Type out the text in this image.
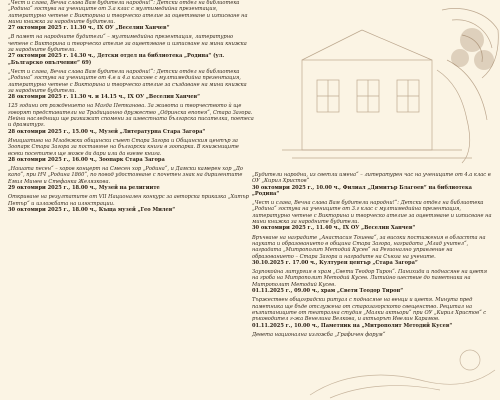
„Чест и слава, Вечна слава Вам будители народни!“: Детски отдел на библиотека „Родина“ гостува на учениците от 3.а клас с мултимедийна презентация, литературно четене с Викторина и творческо ателие за оцветяване и изписване на мини книжка за народните будители.
27 октомври 2025 г. 11.30 ч., IX ОУ „Веселин Ханчев“
„В памет на народните будители“ – мултимедийна презентация, литературно четене с Викторина и творческо ателие за оцветяване и изписване на мини книжка за народните будители.
27 октомври 2025 г. 14.30 ч., Детски отдел на библиотека „Родина“ (ул. „Българско опълчение“ 69)
„Чест и слава, Вечна слава Вам будители народни!“: Детски отдел на библиотека „Родина“ гостува на учениците от 4.в и 4.а класове с мултимедийна презентация, литературно четене с Викторина и творческо ателие за създаване на мини книжка за народните будители.
28 октомври 2025 г. 11.30 ч. и 14.15 ч., IX ОУ „Веселин Ханчев“
125 години от рождението на Магда Петканова. За живота и творчеството ѝ ще говорят представители на Традиционно дружество „Одринска епопея“, Стара Загора. Нейни наследници ще разкажат спомени за известната българска писателка, поетеса и драматург.
28 октомври 2025 г., 15.00 ч., Музей „Литературна Стара Загора“
Инициатива на Младежки общински съвет Стара Загора и Общинския център за Зоопарк Стара Загора за поставяне на български книги в зоопарка. В книжниците всеки посетител ще може да дари или да вземе книга.
28 октомври 2025 г., 16.00 ч., Зоопарк Стара Загора
„Нашата песен“ – хоров концерт на Смесен хор „Родина“, и Дамски камерен хор „До капо“, при НЧ „Родина 1860“, по повод удостояване с почетен знак на диригентите Емил Минев и Стефанка Желязкова.
29 октомври 2025 г., 18.00 ч., Музей на религиите
Откриване на резултатите от VII Национален конкурс за авторска приказка „Хитър Петър“ и изложбата на илюстрации.
30 октомври 2025 г., 18.00 ч., Къща музей „Гео Милев“
„Будители народни, из светли имена“ – литературен час на учениците от 4.а клас в ОУ „Кирил Христов“
30 октомври 2025 г., 10.00 ч., Филиал „Димитър Благоев“ на библиотека „Родина“
„Чест и слава, Вечна слава Вам будители народни!“: Детски отдел на библиотека „Родина“ гостува на учениците от 3.г клас с мултимедийна презентация, литературно четене с Викторина и творческо ателие за оцветяване и изписване на мини книжка за народните будители.
30 октомври 2025 г., 11.40 ч., IX ОУ „Веселин Ханчев“
Връчване на наградите „Анастасия Тошева“, за високи постижения в областта на науката и образованието в община Стара Загора, наградата „Млад учител“, наградата „Митрополит Методий Кусев“ на Регионално управление на образованието – Стара Загора и наградите на Съюза на учените.
30.10.2025 г. 17.00 ч., Културен център „Стара Загора“
Заупокойна литургия в храм „Свети Теодор Тирон“. Панихида и поднасяне на цветя на гроба на Митрополит Методий Кусев. Литийно шествие до паметника на Митрополит Методий Кусев.
01.11.2025 г., 09.00 ч., храм „Свети Теодор Тирон“
Тържествен общоградски ритуал с поднасяне на венци и цветя. Минута пред паметника ще бъде отслужена от старозагорското свещенство. Рецитал на възпитаниците от театрална студия „Малки актьори“ при ОУ „Кирил Христов“ с ръководител г-жа Венелина Велкова, и актьорът Ивелин Карамов.
01.11.2025 г., 10.00 ч., Паметник на „Митрополит Методий Кусев“
Девета национална изложба „Графичен форум“
